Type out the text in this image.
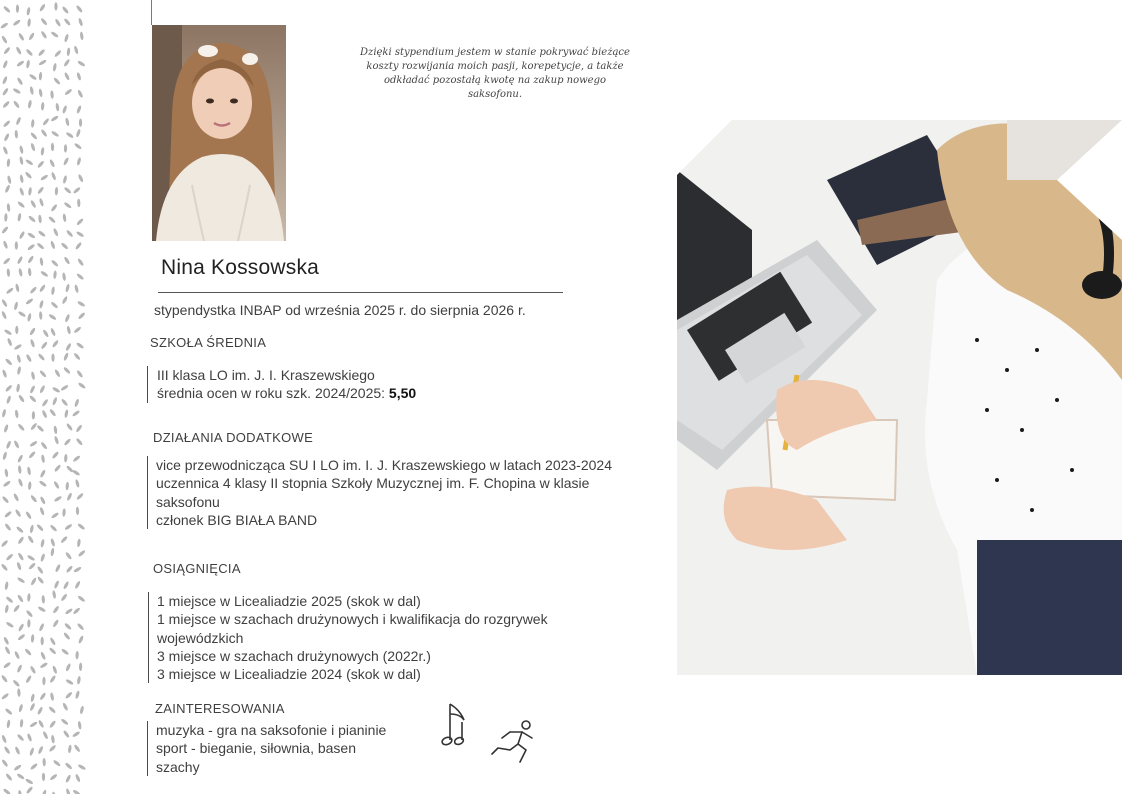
Dzięki stypendium jestem w stanie pokrywać bieżące koszty rozwijania moich pasji, korepetycje, a także odkładać pozostałą kwotę na zakup nowego saksofonu.
Nina Kossowska
stypendystka INBAP od września 2025 r. do sierpnia 2026 r.
SZKOŁA ŚREDNIA
III klasa LO im. J. I. Kraszewskiego
średnia ocen w roku szk. 2024/2025: 5,50
DZIAŁANIA DODATKOWE
vice przewodnicząca SU I LO im. I. J. Kraszewskiego w latach 2023-2024
uczennica 4 klasy II stopnia Szkoły Muzycznej im. F. Chopina w klasie saksofonu
członek BIG BIAŁA BAND
OSIĄGNIĘCIA
1 miejsce w Licealiadzie 2025 (skok w dal)
1 miejsce w szachach drużynowych i kwalifikacja do rozgrywek wojewódzkich
3 miejsce w szachach drużynowych (2022r.)
3 miejsce w Licealiadzie 2024 (skok w dal)
ZAINTERESOWANIA
muzyka - gra na saksofonie i pianinie
sport - bieganie, siłownia, basen
szachy
